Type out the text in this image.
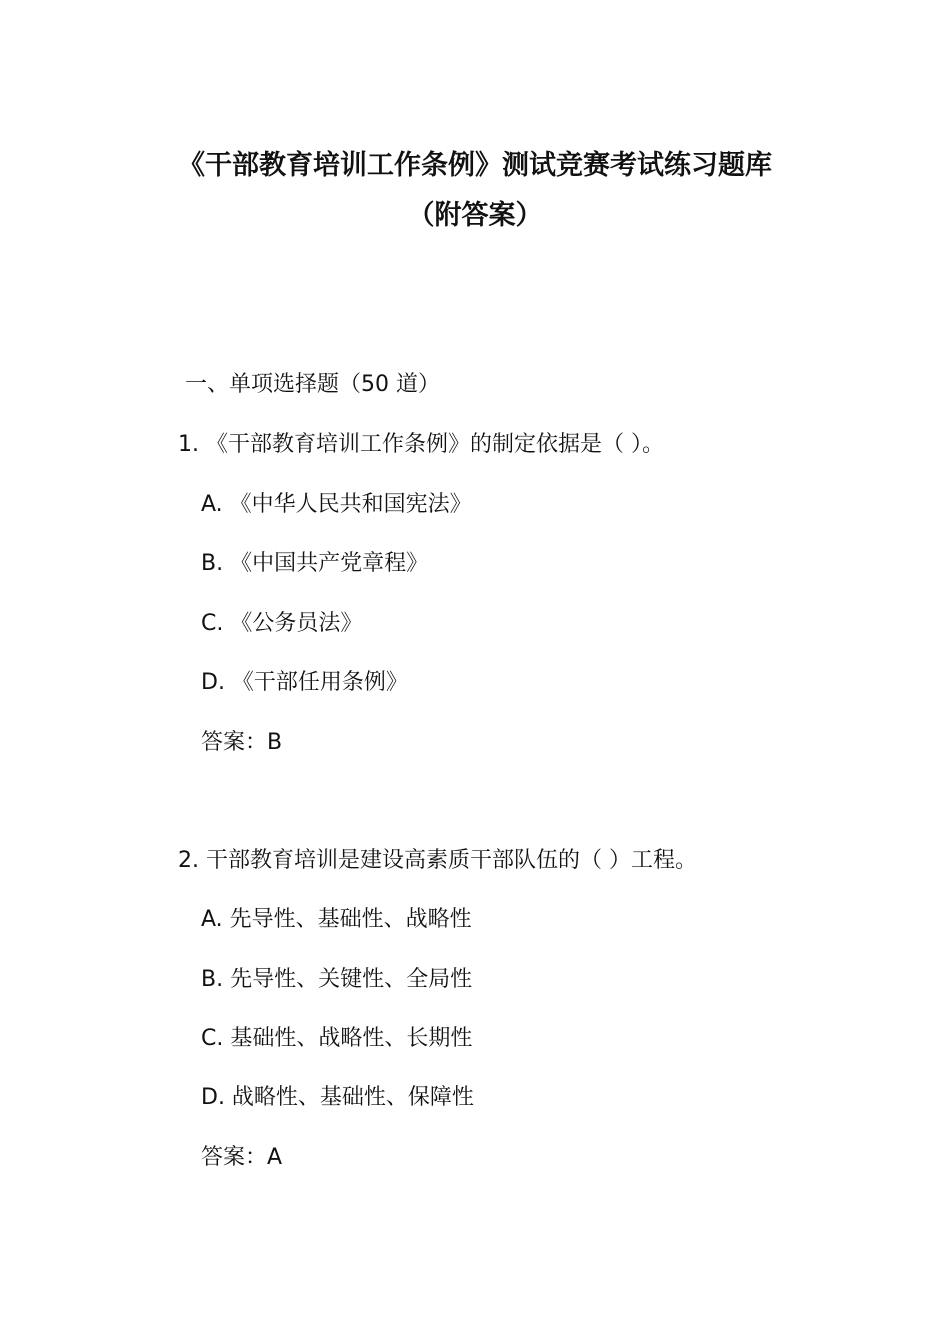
《干部教育培训工作条例》测试竞赛考试练习题库
（附答案）
一、单项选择题（50 道）
1. 《干部教育培训工作条例》的制定依据是（ ）。
A. 《中华人民共和国宪法》
B. 《中国共产党章程》
C. 《公务员法》
D. 《干部任用条例》
答案：B
2. 干部教育培训是建设高素质干部队伍的（ ）工程。
A. 先导性、基础性、战略性
B. 先导性、关键性、全局性
C. 基础性、战略性、长期性
D. 战略性、基础性、保障性
答案：A
